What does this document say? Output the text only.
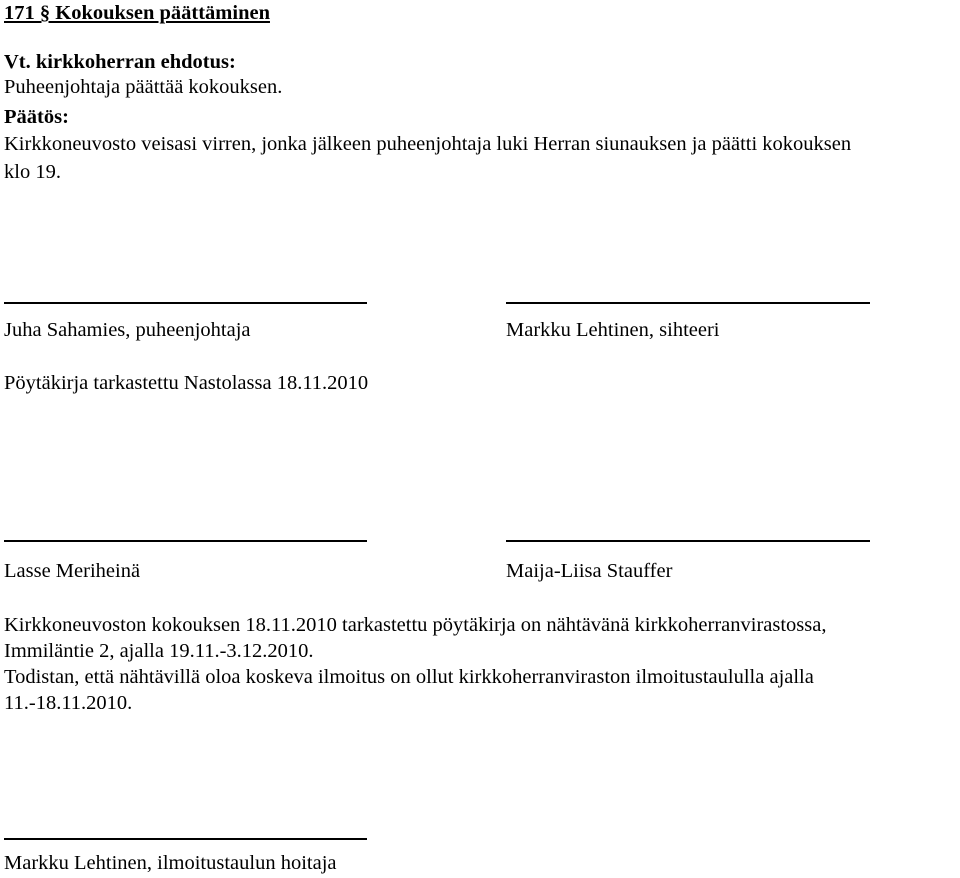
171 § Kokouksen päättäminen
Vt. kirkkoherran ehdotus:
Puheenjohtaja päättää kokouksen.
Päätös:
Kirkkoneuvosto veisasi virren, jonka jälkeen puheenjohtaja luki Herran siunauksen ja päätti kokouksen
klo 19.
Juha Sahamies, puheenjohtaja	Markku Lehtinen, sihteeri
Pöytäkirja tarkastettu Nastolassa 18.11.2010
Lasse Meriheinä	Maija-Liisa Stauffer
Kirkkoneuvoston kokouksen 18.11.2010 tarkastettu pöytäkirja on nähtävänä kirkkoherranvirastossa,
Immiläntie 2, ajalla 19.11.-3.12.2010.
Todistan, että nähtävillä oloa koskeva ilmoitus on ollut kirkkoherranviraston ilmoitustaululla ajalla
11.-18.11.2010.
Markku Lehtinen, ilmoitustaulun hoitaja
